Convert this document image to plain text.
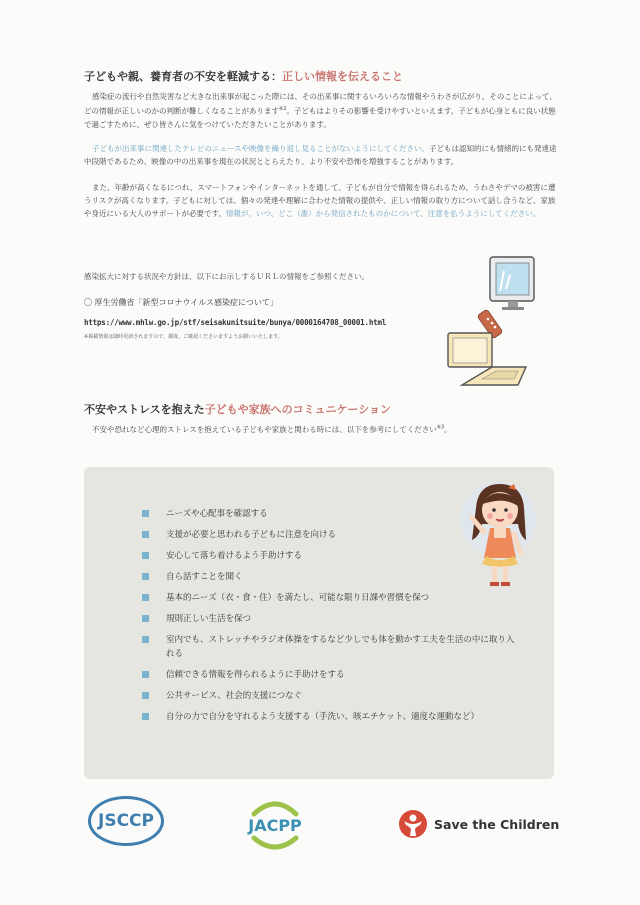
子どもや親、養育者の不安を軽減する：正しい情報を伝えること
感染症の流行や自然災害など大きな出来事が起こった際には、その出来事に関するいろいろな情報やうわさが広がり、そのことによって、どの情報が正しいのかの判断が難しくなることがあります$^{※2}$。子どもはよりその影響を受けやすいといえます。子どもが心身ともに良い状態で過ごすために、ぜひ皆さんに気をつけていただきたいことがあります。
子どもが出来事に関連したテレビのニュースや映像を繰り返し見ることがないようにしてください。子どもは認知的にも情緒的にも発達途中段階であるため、映像の中の出来事を現在の状況ととらえたり、より不安や恐怖を増強することがあります。
また、年齢が高くなるにつれ、スマートフォンやインターネットを通して、子どもが自分で情報を得られるため、うわさやデマの被害に遭うリスクが高くなります。子どもに対しては、個々の発達や理解に合わせた情報の提供や、正しい情報の取り方について話し合うなど、家族や身近にいる大人のサポートが必要です。情報が、いつ、どこ（誰）から発信されたものかについて、注意を払うようにしてください。
感染拡大に対する状況や方針は、以下にお示しするＵＲＬの情報をご参照ください。
〇 厚生労働省「新型コロナウイルス感染症について」
https://www.mhlw.go.jp/stf/seisakunitsuite/bunya/0000164708_00001.html
※掲載情報は随時更新されますので、都度、ご確認くださいますようお願いいたします。
不安やストレスを抱えた子どもや家族へのコミュニケーション
不安や恐れなど心理的ストレスを抱えている子どもや家族と関わる時には、以下を参考にしてください$^{※3}$。
ニーズや心配事を確認する
支援が必要と思われる子どもに注意を向ける
安心して落ち着けるよう手助けする
自ら話すことを聞く
基本的ニーズ（衣・食・住）を満たし、可能な限り日課や習慣を保つ
規則正しい生活を保つ
室内でも、ストレッチやラジオ体操をするなど少しでも体を動かす工夫を生活の中に取り入れる
信頼できる情報を得られるように手助けをする
公共サービス、社会的支援につなぐ
自分の力で自分を守れるよう支援する（手洗い、咳エチケット、適度な運動など）
JSCCP	JACPP	Save the Children
